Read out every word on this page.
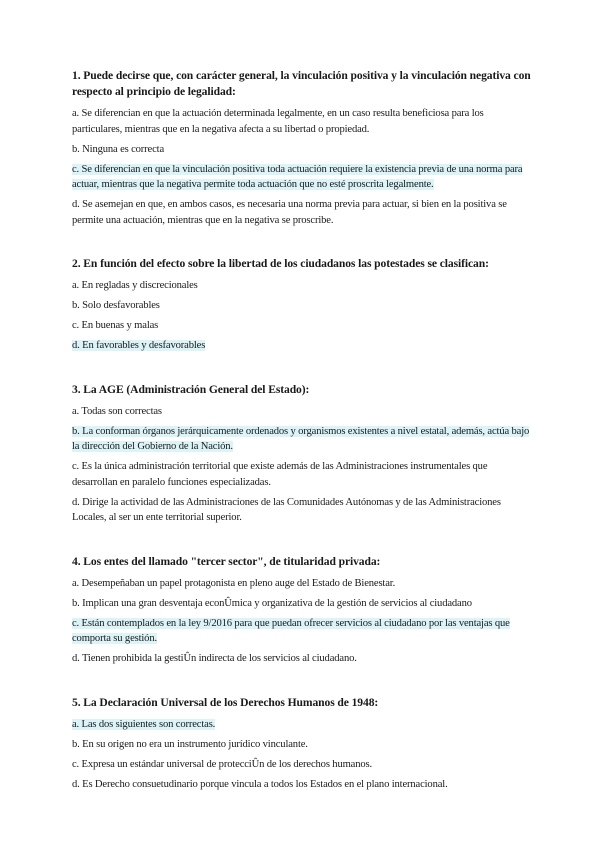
1. Puede decirse que, con carácter general, la vinculación positiva y la vinculación negativa con respecto al principio de legalidad:

a. Se diferencian en que la actuación determinada legalmente, en un caso resulta beneficiosa para los particulares, mientras que en la negativa afecta a su libertad o propiedad.

b. Ninguna es correcta

c. Se diferencian en que la vinculación positiva toda actuación requiere la existencia previa de una norma para actuar, mientras que la negativa permite toda actuación que no esté proscrita legalmente.

d. Se asemejan en que, en ambos casos, es necesaria una norma previa para actuar, si bien en la positiva se permite una actuación, mientras que en la negativa se proscribe.

2. En función del efecto sobre la libertad de los ciudadanos las potestades se clasifican:

a. En regladas y discrecionales

b. Solo desfavorables

c. En buenas y malas

d. En favorables y desfavorables

3. La AGE (Administración General del Estado):

a. Todas son correctas

b. La conforman órganos jerárquicamente ordenados y organismos existentes a nivel estatal, además, actúa bajo la dirección del Gobierno de la Nación.

c. Es la única administración territorial que existe además de las Administraciones instrumentales que desarrollan en paralelo funciones especializadas.

d. Dirige la actividad de las Administraciones de las Comunidades Autónomas y de las Administraciones Locales, al ser un ente territorial superior.

4. Los entes del llamado "tercer sector", de titularidad privada:

a. Desempeñaban un papel protagonista en pleno auge del Estado de Bienestar.

b. Implican una gran desventaja econÛmica y organizativa de la gestión de servicios al ciudadano

c. Están contemplados en la ley 9/2016 para que puedan ofrecer servicios al ciudadano por las ventajas que comporta su gestión.

d. Tienen prohibida la gestiÛn indirecta de los servicios al ciudadano.

5. La Declaración Universal de los Derechos Humanos de 1948:

a. Las dos siguientes son correctas.

b. En su origen no era un instrumento jurídico vinculante.

c. Expresa un estándar universal de protecciÛn de los derechos humanos.

d. Es Derecho consuetudinario porque vincula a todos los Estados en el plano internacional.
